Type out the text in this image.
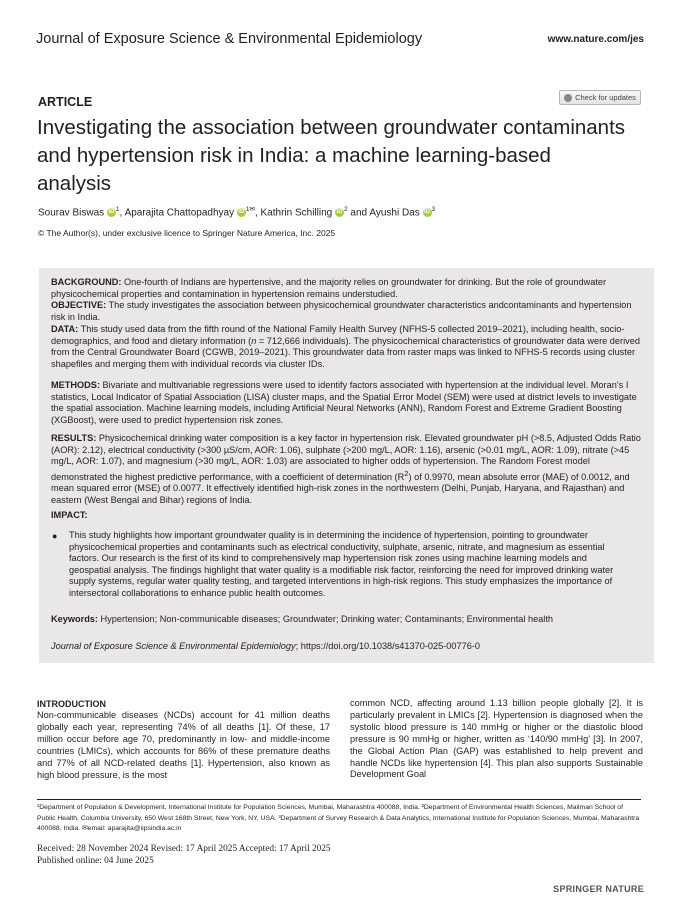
Journal of Exposure Science & Environmental Epidemiology	www.nature.com/jes
ARTICLE	Check for updates
Investigating the association between groundwater contaminants and hypertension risk in India: a machine learning-based analysis
Sourav Biswas iD $^1$, Aparajita Chattopadhyay iD $^{1✉}$, Kathrin Schilling iD $^2$ and Ayushi Das iD $^3$
© The Author(s), under exclusive licence to Springer Nature America, Inc. 2025
BACKGROUND: One-fourth of Indians are hypertensive, and the majority relies on groundwater for drinking. But the role of groundwater physicochemical properties and contamination in hypertension remains understudied.
OBJECTIVE: The study investigates the association between physicochemical groundwater characteristics andcontaminants and hypertension risk in India.
DATA: This study used data from the fifth round of the National Family Health Survey (NFHS-5 collected 2019–2021), including health, socio-demographics, and food and dietary information (n = 712,666 individuals). The physicochemical characteristics of groundwater data were derived from the Central Groundwater Board (CGWB, 2019–2021). This groundwater data from raster maps was linked to NFHS-5 records using cluster shapefiles and merging them with individual records via cluster IDs.
METHODS: Bivariate and multivariable regressions were used to identify factors associated with hypertension at the individual level. Moran’s I statistics, Local Indicator of Spatial Association (LISA) cluster maps, and the Spatial Error Model (SEM) were used at district levels to investigate the spatial association. Machine learning models, including Artificial Neural Networks (ANN), Random Forest and Extreme Gradient Boosting (XGBoost), were used to predict hypertension risk zones.
RESULTS: Physicochemical drinking water composition is a key factor in hypertension risk. Elevated groundwater pH (>8.5, Adjusted Odds Ratio (AOR): 2.12), electrical conductivity (>300 µS/cm, AOR: 1.06), sulphate (>200 mg/L, AOR: 1.16), arsenic (>0.01 mg/L, AOR: 1.09), nitrate (>45 mg/L, AOR: 1.07), and magnesium (>30 mg/L, AOR: 1.03) are associated to higher odds of hypertension. The Random Forest model demonstrated the highest predictive performance, with a coefficient of determination $(R^2)$ of 0.9970, mean absolute error (MAE) of 0.0012, and mean squared error (MSE) of 0.0077. It effectively identified high-risk zones in the northwestern (Delhi, Punjab, Haryana, and Rajasthan) and eastern (West Bengal and Bihar) regions of India.
IMPACT:
● This study highlights how important groundwater quality is in determining the incidence of hypertension, pointing to groundwater physicochemical properties and contaminants such as electrical conductivity, sulphate, arsenic, nitrate, and magnesium as essential factors. Our research is the first of its kind to comprehensively map hypertension risk zones using machine learning models and geospatial analysis. The findings highlight that water quality is a modifiable risk factor, reinforcing the need for improved drinking water supply systems, regular water quality testing, and targeted interventions in high-risk regions. This study emphasizes the importance of intersectoral collaborations to enhance public health outcomes.
Keywords: Hypertension; Non-communicable diseases; Groundwater; Drinking water; Contaminants; Environmental health
Journal of Exposure Science & Environmental Epidemiology; https://doi.org/10.1038/s41370-025-00776-0
INTRODUCTION
Non-communicable diseases (NCDs) account for 41 million deaths globally each year, representing 74% of all deaths [1]. Of these, 17 million occur before age 70, predominantly in low- and middle-income countries (LMICs), which accounts for 86% of these premature deaths and 77% of all NCD-related deaths [1]. Hypertension, also known as high blood pressure, is the most
common NCD, affecting around 1.13 billion people globally [2]. It is particularly prevalent in LMICs [2]. Hypertension is diagnosed when the systolic blood pressure is 140 mmHg or higher or the diastolic blood pressure is 90 mmHg or higher, written as ‘140/90 mmHg’ [3]. In 2007, the Global Action Plan (GAP) was established to help prevent and handle NCDs like hypertension [4]. This plan also supports Sustainable Development Goal
¹Department of Population & Development, International Institute for Population Sciences, Mumbai, Maharashtra 400088, India. ²Department of Environmental Health Sciences, Mailman School of Public Health, Columbia University, 650 West 168th Street, New York, NY, USA. ³Department of Survey Research & Data Analytics, International Institute for Population Sciences, Mumbai, Maharashtra 400088, India. ✉email: aparajita@iipsindia.ac.in
Received: 28 November 2024 Revised: 17 April 2025 Accepted: 17 April 2025
Published online: 04 June 2025
SPRINGER NATURE
